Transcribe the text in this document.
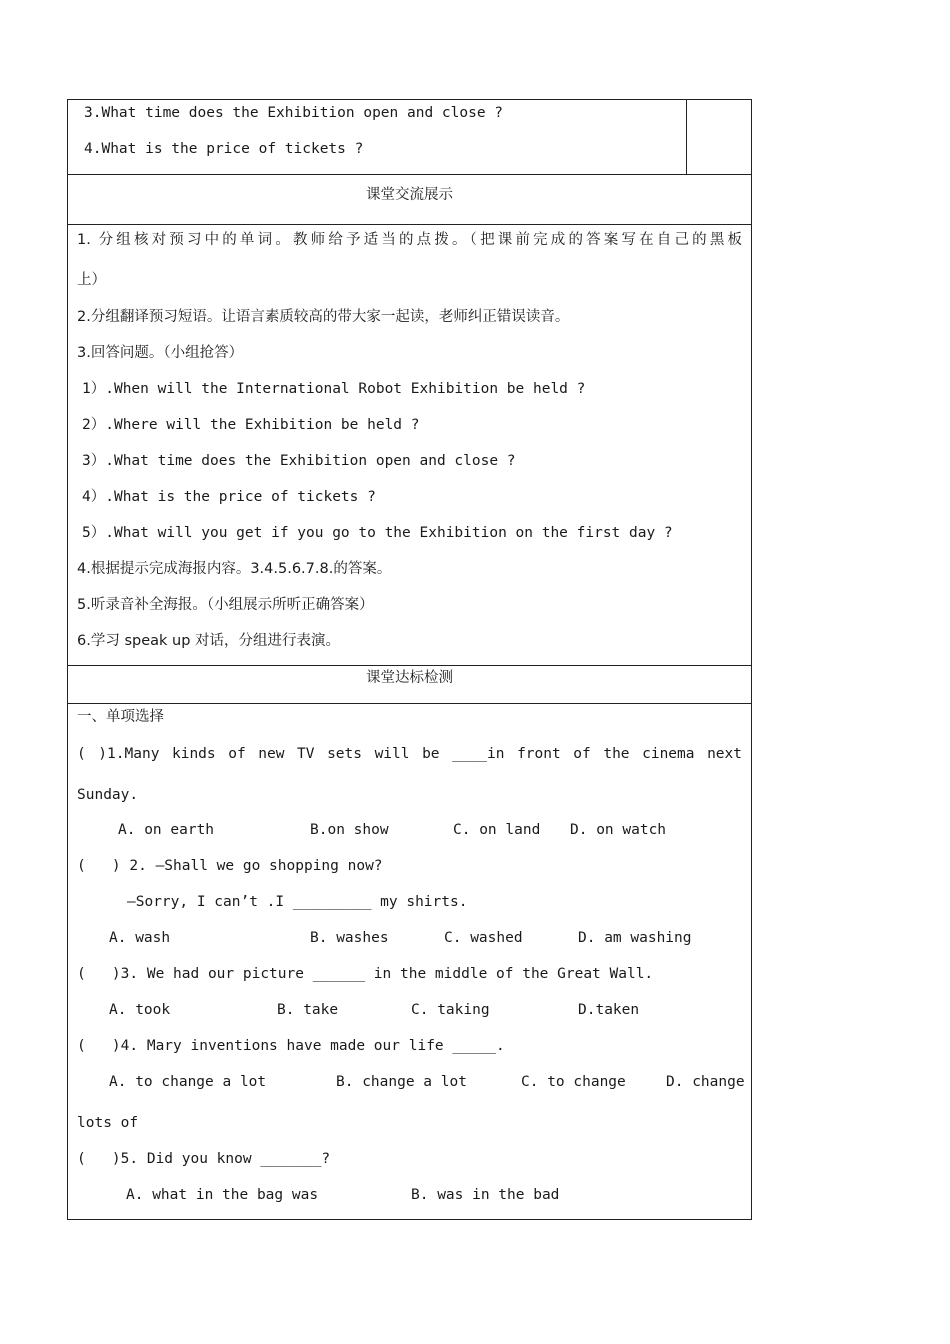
3.What time does the Exhibition open and close ?
4.What is the price of tickets ?
课堂交流展示
1. 分组核对预习中的单词。教师给予适当的点拨。（把课前完成的答案写在自己的黑板
上）
2.分组翻译预习短语。让语言素质较高的带大家一起读，老师纠正错误读音。
3.回答问题。（小组抢答）
1）.When will the International Robot Exhibition be held ?
2）.Where will the Exhibition be held ?
3）.What time does the Exhibition open and close ?
4）.What is the price of tickets ?
5）.What will you get if you go to the Exhibition on the first day ?
4.根据提示完成海报内容。3.4.5.6.7.8.的答案。
5.听录音补全海报。（小组展示所听正确答案）
6.学习 speak up 对话，分组进行表演。
课堂达标检测
一、单项选择
( )1.Many kinds of new TV sets will be ____in front of the cinema next
Sunday.
A. on earth	B.on show	C. on land D. on watch
(   ) 2. —Shall we go shopping now?
—Sorry, I can’t .I _________ my shirts.
A. wash	B. washes	C. washed	D. am washing
(   )3. We had our picture ______ in the middle of the Great Wall.
A. took	B. take	C. taking	D.taken
(   )4. Mary inventions have made our life _____.
A. to change a lot	B. change a lot	C. to change	D. change
lots of
(   )5. Did you know _______?
A. what in the bag was	B. was in the bad
